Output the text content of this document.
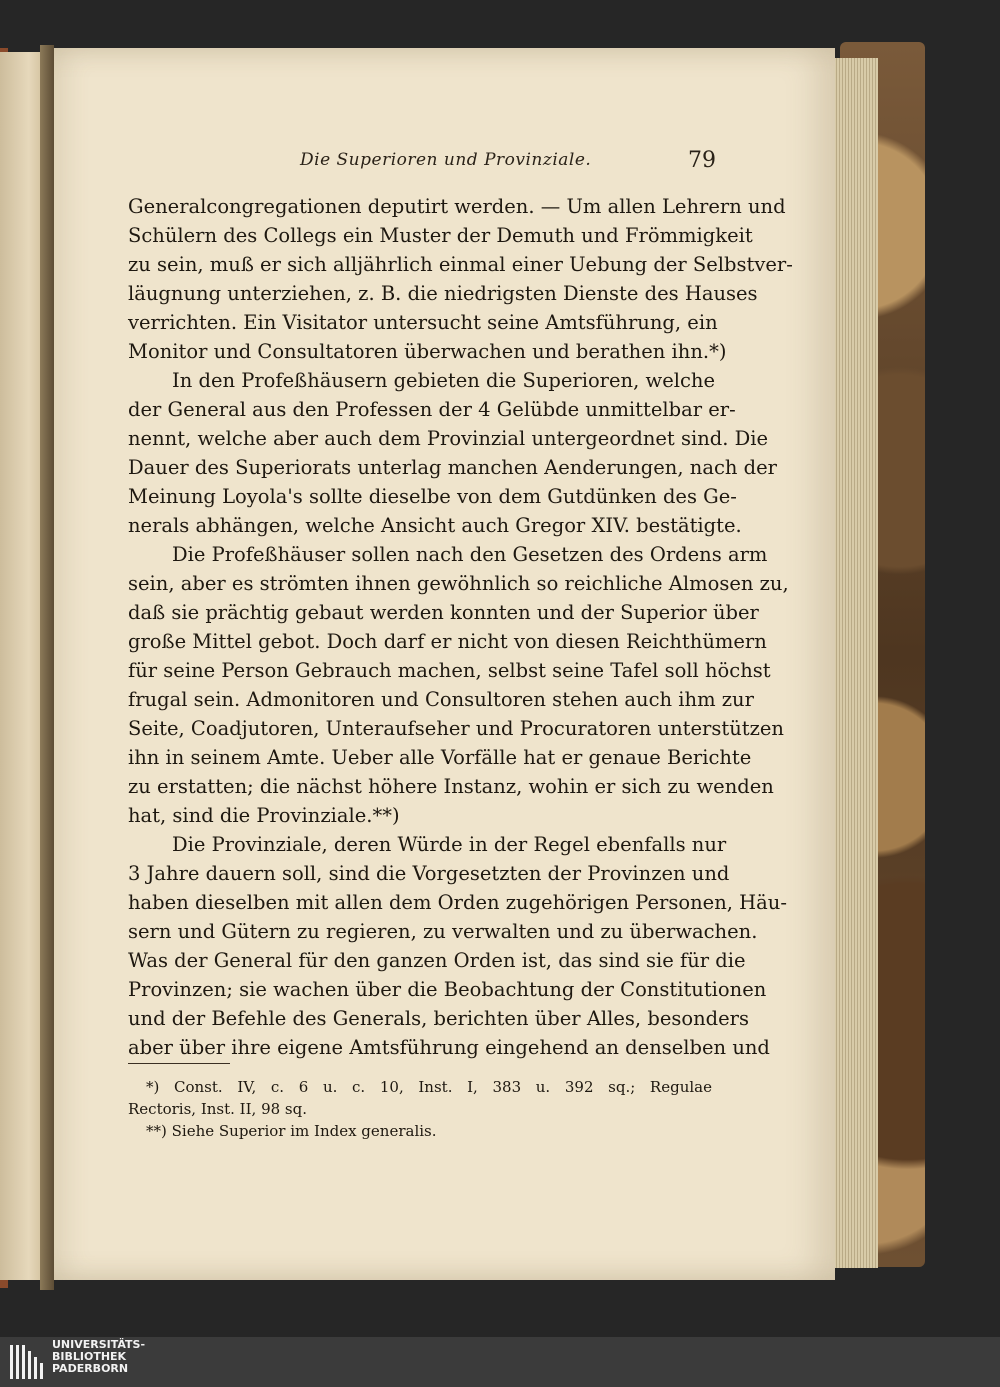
Die Superioren und Provinziale.	79
Generalcongregationen deputirt werden. — Um allen Lehrern und
Schülern des Collegs ein Muster der Demuth und Frömmigkeit
zu sein, muß er sich alljährlich einmal einer Uebung der Selbstver-
läugnung unterziehen, z. B. die niedrigsten Dienste des Hauses
verrichten. Ein Visitator untersucht seine Amtsführung, ein
Monitor und Consultatoren überwachen und berathen ihn.*)
In den Profeßhäusern gebieten die Superioren, welche
der General aus den Professen der 4 Gelübde unmittelbar er-
nennt, welche aber auch dem Provinzial untergeordnet sind. Die
Dauer des Superiorats unterlag manchen Aenderungen, nach der
Meinung Loyola's sollte dieselbe von dem Gutdünken des Ge-
nerals abhängen, welche Ansicht auch Gregor XIV. bestätigte.
Die Profeßhäuser sollen nach den Gesetzen des Ordens arm
sein, aber es strömten ihnen gewöhnlich so reichliche Almosen zu,
daß sie prächtig gebaut werden konnten und der Superior über
große Mittel gebot. Doch darf er nicht von diesen Reichthümern
für seine Person Gebrauch machen, selbst seine Tafel soll höchst
frugal sein. Admonitoren und Consultoren stehen auch ihm zur
Seite, Coadjutoren, Unteraufseher und Procuratoren unterstützen
ihn in seinem Amte. Ueber alle Vorfälle hat er genaue Berichte
zu erstatten; die nächst höhere Instanz, wohin er sich zu wenden
hat, sind die Provinziale.**)
Die Provinziale, deren Würde in der Regel ebenfalls nur
3 Jahre dauern soll, sind die Vorgesetzten der Provinzen und
haben dieselben mit allen dem Orden zugehörigen Personen, Häu-
sern und Gütern zu regieren, zu verwalten und zu überwachen.
Was der General für den ganzen Orden ist, das sind sie für die
Provinzen; sie wachen über die Beobachtung der Constitutionen
und der Befehle des Generals, berichten über Alles, besonders
aber über ihre eigene Amtsführung eingehend an denselben und
*) Const. IV, c. 6 u. c. 10, Inst. I, 383 u. 392 sq.; Regulae
Rectoris, Inst. II, 98 sq.
**) Siehe Superior im Index generalis.
UNIVERSITÄTS-
BIBLIOTHEK
PADERBORN
